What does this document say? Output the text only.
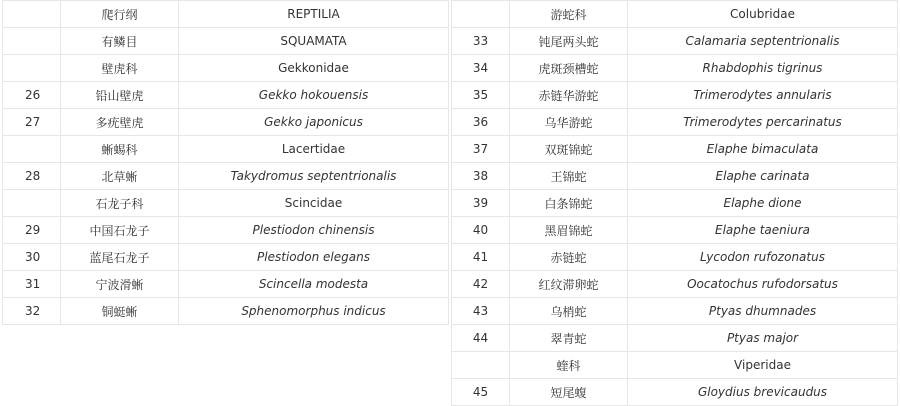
	爬行纲	REPTILIA
	有鳞目	SQUAMATA
	壁虎科	Gekkonidae
26	铅山壁虎	Gekko hokouensis
27	多疣壁虎	Gekko japonicus
	蜥蜴科	Lacertidae
28	北草蜥	Takydromus septentrionalis
	石龙子科	Scincidae
29	中国石龙子	Plestiodon chinensis
30	蓝尾石龙子	Plestiodon elegans
31	宁波滑蜥	Scincella modesta
32	铜蜓蜥	Sphenomorphus indicus
	游蛇科	Colubridae
33	钝尾两头蛇	Calamaria septentrionalis
34	虎斑颈槽蛇	Rhabdophis tigrinus
35	赤链华游蛇	Trimerodytes annularis
36	乌华游蛇	Trimerodytes percarinatus
37	双斑锦蛇	Elaphe bimaculata
38	王锦蛇	Elaphe carinata
39	白条锦蛇	Elaphe dione
40	黑眉锦蛇	Elaphe taeniura
41	赤链蛇	Lycodon rufozonatus
42	红纹滞卵蛇	Oocatochus rufodorsatus
43	乌梢蛇	Ptyas dhumnades
44	翠青蛇	Ptyas major
	蝰科	Viperidae
45	短尾蝮	Gloydius brevicaudus
